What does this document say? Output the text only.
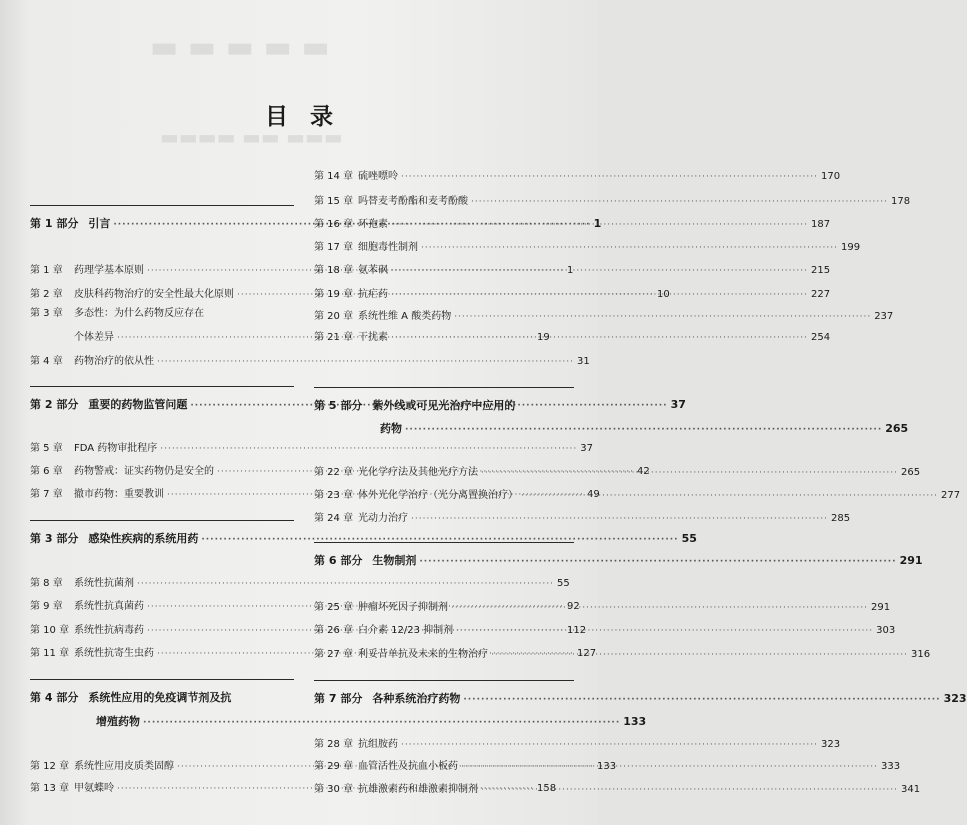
▬ ▬ ▬ ▬ ▬
▬▬▬▬ ▬▬ ▬▬▬
目录
第 1 部分 引言 ·····	1
第 1 章	药理学基本原则 ·····	1
第 2 章	皮肤科药物治疗的安全性最大化原则 ·····	10
第 3 章	多态性：为什么药物反应存在
个体差异 ·····	19
第 4 章	药物治疗的依从性 ·····	31
第 2 部分 重要的药物监管问题 ·····	37
第 5 章	FDA 药物审批程序 ·····	37
第 6 章	药物警戒：证实药物仍是安全的 ·····	42
第 7 章	撤市药物：重要教训 ·····	49
第 3 部分 感染性疾病的系统用药 ·····	55
第 8 章	系统性抗菌剂 ·····	55
第 9 章	系统性抗真菌药 ·····	92
第 10 章 系统性抗病毒药 ·····	112
第 11 章 系统性抗寄生虫药 ·····	127
第 4 部分 系统性应用的免疫调节剂及抗
增殖药物 ·····	133
第 12 章 系统性应用皮质类固醇 ·····	133
第 13 章 甲氨蝶呤 ·····	158
第 14 章 硫唑嘌呤 ·····	170
第 15 章 吗替麦考酚酯和麦考酚酸 ·····	178
第 16 章 环孢素 ·····	187
第 17 章 细胞毒性制剂 ·····	199
第 18 章 氨苯砜 ·····	215
第 19 章 抗疟药 ·····	227
第 20 章 系统性维 A 酸类药物 ·····	237
第 21 章 干扰素 ·····	254
第 5 部分 紫外线或可见光治疗中应用的
药物 ·····	265
第 22 章 光化学疗法及其他光疗方法 ·····	265
第 23 章 体外光化学治疗（光分离置换治疗） ·····	277
第 24 章 光动力治疗 ·····	285
第 6 部分 生物制剂 ·····	291
第 25 章 肿瘤坏死因子抑制剂 ·····	291
第 26 章 白介素 12/23 抑制剂 ·····	303
第 27 章 利妥昔单抗及未来的生物治疗 ·····	316
第 7 部分 各种系统治疗药物 ·····	323
第 28 章 抗组胺药 ·····	323
第 29 章 血管活性及抗血小板药 ·····	333
第 30 章 抗雄激素药和雄激素抑制剂 ·····	341
